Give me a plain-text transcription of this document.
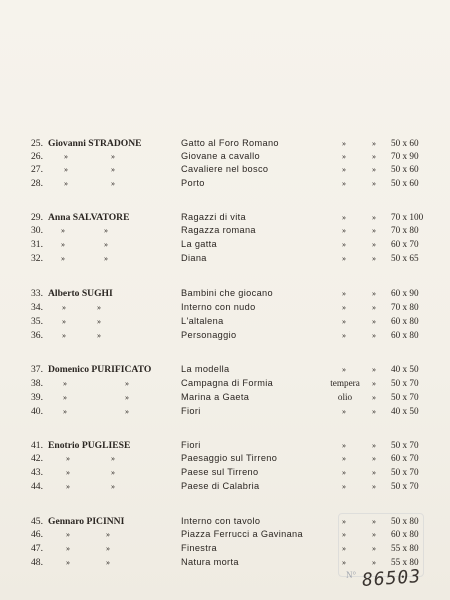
25. Giovanni STRADONE	Gatto al Foro Romano	»	» 50 x 60
26.	»	»	Giovane a cavallo	»	» 70 x 90
27.	»	»	Cavaliere nel bosco	»	» 50 x 60
28.	»	»	Porto	»	» 50 x 60
29. Anna SALVATORE	Ragazzi di vita	»	» 70 x 100
30. »	»	Ragazza romana	»	» 70 x 80
31. »	»	La gatta	»	» 60 x 70
32. »	»	Diana	»	» 50 x 65
33. Alberto SUGHI	Bambini che giocano	»	» 60 x 90
34. »	»	Interno con nudo	»	» 70 x 80
35. »	»	L'altalena	»	» 60 x 80
36. »	»	Personaggio	»	» 60 x 80
37. Domenico PURIFICATO	La modella	»	» 40 x 50
38.	»	»	Campagna di Formia	tempera	» 50 x 70
39.	»	»	Marina a Gaeta	olio	» 50 x 70
40.	»	»	Fiori	»	» 40 x 50
41. Enotrio PUGLIESE	Fiori	»	» 50 x 70
42.	»	»	Paesaggio sul Tirreno	»	» 60 x 70
43.	»	»	Paese sul Tirreno	»	» 50 x 70
44.	»	»	Paese di Calabria	»	» 50 x 70
45. Gennaro PICINNI	Interno con tavolo	»	» 50 x 80
46.	»	»	Piazza Ferrucci a Gavinana	»	» 60 x 80
47.	»	»	Finestra	»	» 55 x 80
48.	»	»	Natura morta	»	» 55 x 80
N° 86503
